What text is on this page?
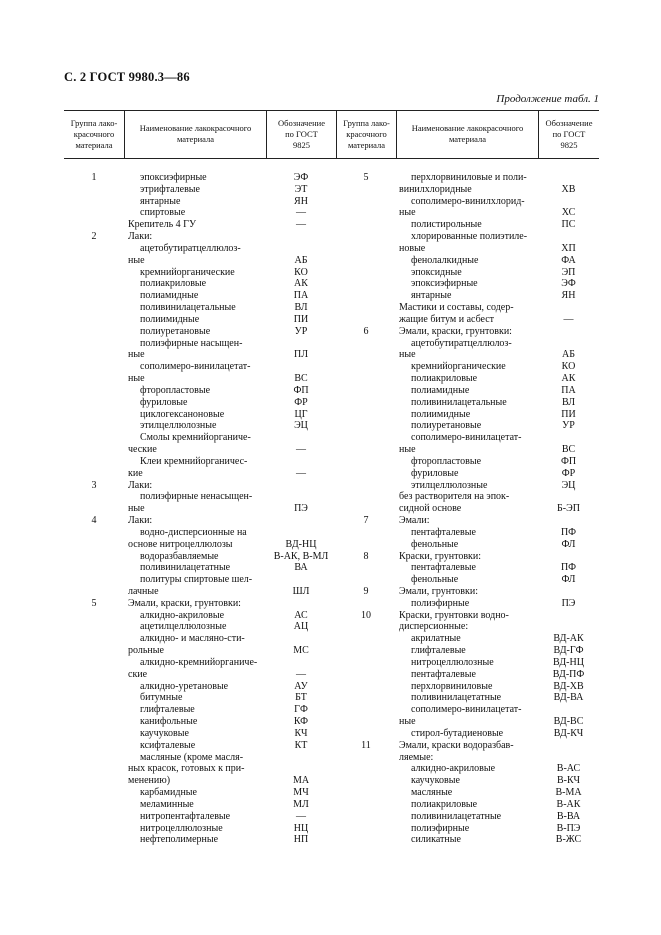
С. 2 ГОСТ 9980.3—86
Продолжение табл. 1
Группа лако-
красочного
материала
Наименование лакокрасочного
материала
Обозначение
по ГОСТ
9825
Группа лако-
красочного
материала
Наименование лакокрасочного
материала
Обозначение
по ГОСТ
9825
1
2
3
4
5
эпоксиэфирные
этрифталевые
янтарные
спиртовые
Крепитель 4 ГУ
Лаки:
ацетобутиратцеллюлоз-
ные
кремнийорганические
полиакриловые
полиамидные
поливинилацетальные
полиимидные
полиуретановые
полиэфирные насыщен-
ные
сополимеро-винилацетат-
ные
фторопластовые
фуриловые
циклогексаноновые
этилцеллюлозные
Смолы кремнийорганиче-
ческие
Клеи кремнийорганичес-
кие
Лаки:
полиэфирные ненасыщен-
ные
Лаки:
водно-дисперсионные на
основе нитроцеллюлозы
водоразбавляемые
поливинилацетатные
политуры спиртовые шел-
лачные
Эмали, краски, грунтовки:
алкидно-акриловые
ацетилцеллюлозные
алкидно- и масляно-сти-
рольные
алкидно-кремнийорганиче-
ские
алкидно-уретановые
битумные
глифталевые
канифольные
каучуковые
ксифталевые
масляные (кроме масля-
ных красок, готовых к при-
менению)
карбамидные
меламинные
нитропентафталевые
нитроцеллюлозные
нефтеполимерные
ЭФ
ЭТ
ЯН
—
—
АБ
КО
АК
ПА
ВЛ
ПИ
УР
ПЛ
ВС
ФП
ФР
ЦГ
ЭЦ
—
—
ПЭ
ВД-НЦ
В-АК, В-МЛ
ВА
ШЛ
АС
АЦ
МС
—
АУ
БТ
ГФ
КФ
КЧ
КТ
МА
МЧ
МЛ
—
НЦ
НП
5
6
7
8
9
10
11
перхлорвиниловые и поли-
винилхлоридные
сополимеро-винилхлорид-
ные
полистирольные
хлорированные полиэтиле-
новые
фенолалкидные
эпоксидные
эпоксиэфирные
янтарные
Мастики и составы, содер-
жащие битум и асбест
Эмали, краски, грунтовки:
ацетобутиратцеллюлоз-
ные
кремнийорганические
полиакриловые
полиамидные
поливинилацетальные
полиимидные
полиуретановые
сополимеро-винилацетат-
ные
фторопластовые
фуриловые
этилцеллюлозные
без растворителя на эпок-
сидной основе
Эмали:
пентафталевые
фенольные
Краски, грунтовки:
пентафталевые
фенольные
Эмали, грунтовки:
полиэфирные
Краски, грунтовки водно-
дисперсионные:
акрилатные
глифталевые
нитроцеллюлозные
пентафталевые
перхлорвиниловые
поливинилацетатные
сополимеро-винилацетат-
ные
стирол-бутадиеновые
Эмали, краски водоразбав-
ляемые:
алкидно-акриловые
каучуковые
масляные
полиакриловые
поливинилацетатные
полиэфирные
силикатные
ХВ
ХС
ПС
ХП
ФА
ЭП
ЭФ
ЯН
—
АБ
КО
АК
ПА
ВЛ
ПИ
УР
ВС
ФП
ФР
ЭЦ
Б-ЭП
ПФ
ФЛ
ПФ
ФЛ
ПЭ
ВД-АК
ВД-ГФ
ВД-НЦ
ВД-ПФ
ВД-ХВ
ВД-ВА
ВД-ВС
ВД-КЧ
В-АС
В-КЧ
В-МА
В-АК
В-ВА
В-ПЭ
В-ЖС
